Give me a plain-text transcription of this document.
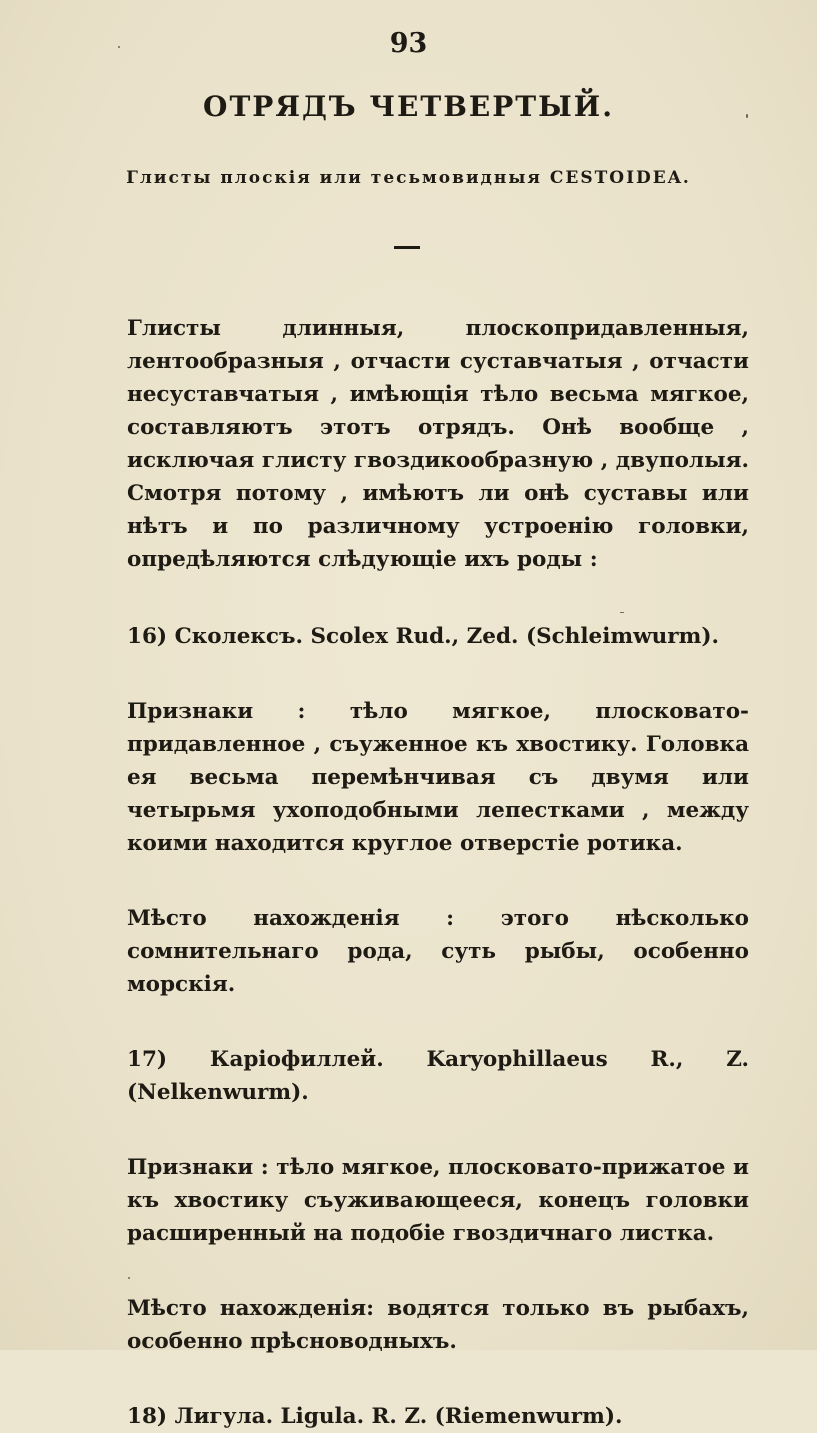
93
ОТРЯДЪ ЧЕТВЕРТЫЙ.
Глисты плоскія или тесьмовидныя CESTOIDEA.

Глисты длинныя, плоскопридавленныя, лентообразныя , отчасти суставчатыя , отчасти несуставчатыя , имѣющія тѣло весьма мягкое, составляютъ этотъ отрядъ. Онѣ вообще , исключая глисту гвоздикообразную , двуполыя. Смотря потому , имѣютъ ли онѣ суставы или нѣтъ и по различному устроенію головки, опредѣляются слѣдующіе ихъ роды :

16) Сколексъ. Scolex Rud., Zed. (Schleimwurm).

Признаки : тѣло мягкое, плосковато-придавленное , съуженное къ хвостику. Головка ея весьма перемѣнчивая съ двумя или четырьмя ухоподобными лепестками , между коими находится круглое отверстіе ротика.

Мѣсто нахожденія : этого нѣсколько сомнительнаго рода, суть рыбы, особенно морскія.

17) Каріофиллей. Karyophillaeus R., Z. (Nelkenwurm).

Признаки : тѣло мягкое, плосковато-прижатое и къ хвостику съуживающееся, конецъ головки расширенный на подобіе гвоздичнаго листка.

Мѣсто нахожденія: водятся только въ рыбахъ, особенно прѣсноводныхъ.

18) Лигула. Ligula. R. Z. (Riemenwurm).
